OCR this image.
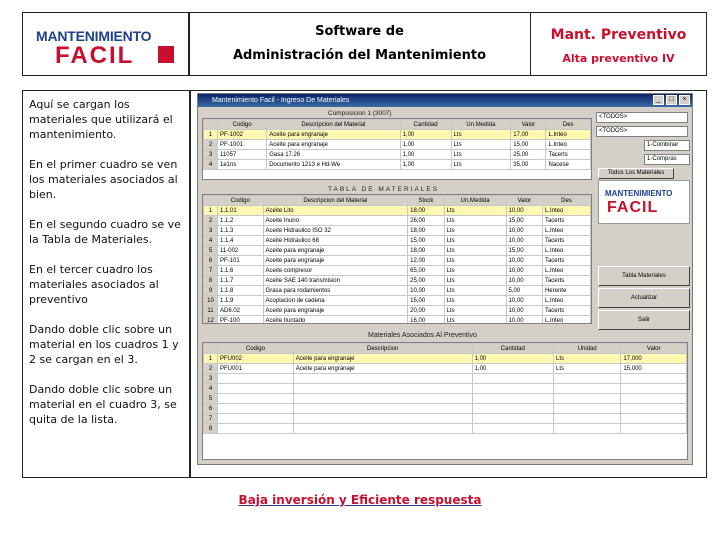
MANTENIMIENTO
FACIL
Software de
Administración del Mantenimiento
Mant. Preventivo
Alta preventivo IV

Aquí se cargan los materiales que utilizará el mantenimiento.

En el primer cuadro se ven los materiales asociados al bien.

En el segundo cuadro se ve la Tabla de Materiales.

En el tercer cuadro los materiales asociados al preventivo

Dando doble clic sobre un material en los cuadros 1 y 2 se cargan en el 3.

Dando doble clic sobre un material en el cuadro 3, se quita de la lista.

Mantenimiento Facil - Ingreso De Materiales	_	□	×
Composicion 1 (3007)
	Codigo	Descripcion del Material	Cantidad	Un.Medida	Valor	Des
1	PF-1002	Aceite para engranaje	1,00	Lts	17,00	L.Inteo
2	PF-1001	Aceite para engranaje	1,00	Lts	15,00	L.Inteo
3	11057	Gasa 17.26	1,00	Lts	25,00	Tacerts
4	1e1ns	Documento 1213 e Hd-We	1,00	Lts	35,00	Nacese
TABLA DE MATERIALES
	Codigo	Descripcion del Material	Stock	Un.Medida	Valor	Des
1	1.1.01	Aceite Lito	18,00	Lts	10,00	L.Inteo
2	1.1.2	Aceite Inuno	26,00	Lts	15,00	Tacerts
3	1.1.3	Aceite Hidraulico ISO 32	18,00	Lts	10,00	L.Inteo
4	1.1.4	Aceite Hidraulico 68	15,00	Lts	10,00	Tacerts
5	11-002	Aceite para engranaje	18,00	Lts	15,00	L.Inteo
6	PF-101	Aceite para engranaje	12,00	Lts	10,00	Tacerts
7	1.1.6	Aceite compresor	65,00	Lts	10,00	L.Inteo
8	1.1.7	Aceite SAE 140 transmision	25,00	Lts	10,00	Tacerts
9	1.1.8	Grasa para rodamientos	10,00	Lts	5,00	Herente
10	1.1.9	Acoplacion de cadena	15,00	Lts	10,00	L.Inteo
11	AD6.02	Aceite para engranaje	20,00	Lts	10,00	Tacerts
12	PF-100	Aceite Iluntado	16,00	Lts	10,00	L.Inteo
<TODOS>
<TODOS>
1-Combinar
1-Compras
Todos Los Materiales
MANTENIMIENTO
FACIL
Tabla Materiales
Actualizar
Salir
Materiales Asociados Al Preventivo
	Codigo	Descripcion	Cantidad	Unidad	Valor
1	PFU002	Aceite para engranaje	1,00	Lts	17,000
2	PFU001	Aceite para engranaje	1,00	Lts	15,000
3					
4					
5					
6					
7					
8					
Baja inversión y Eficiente respuesta
